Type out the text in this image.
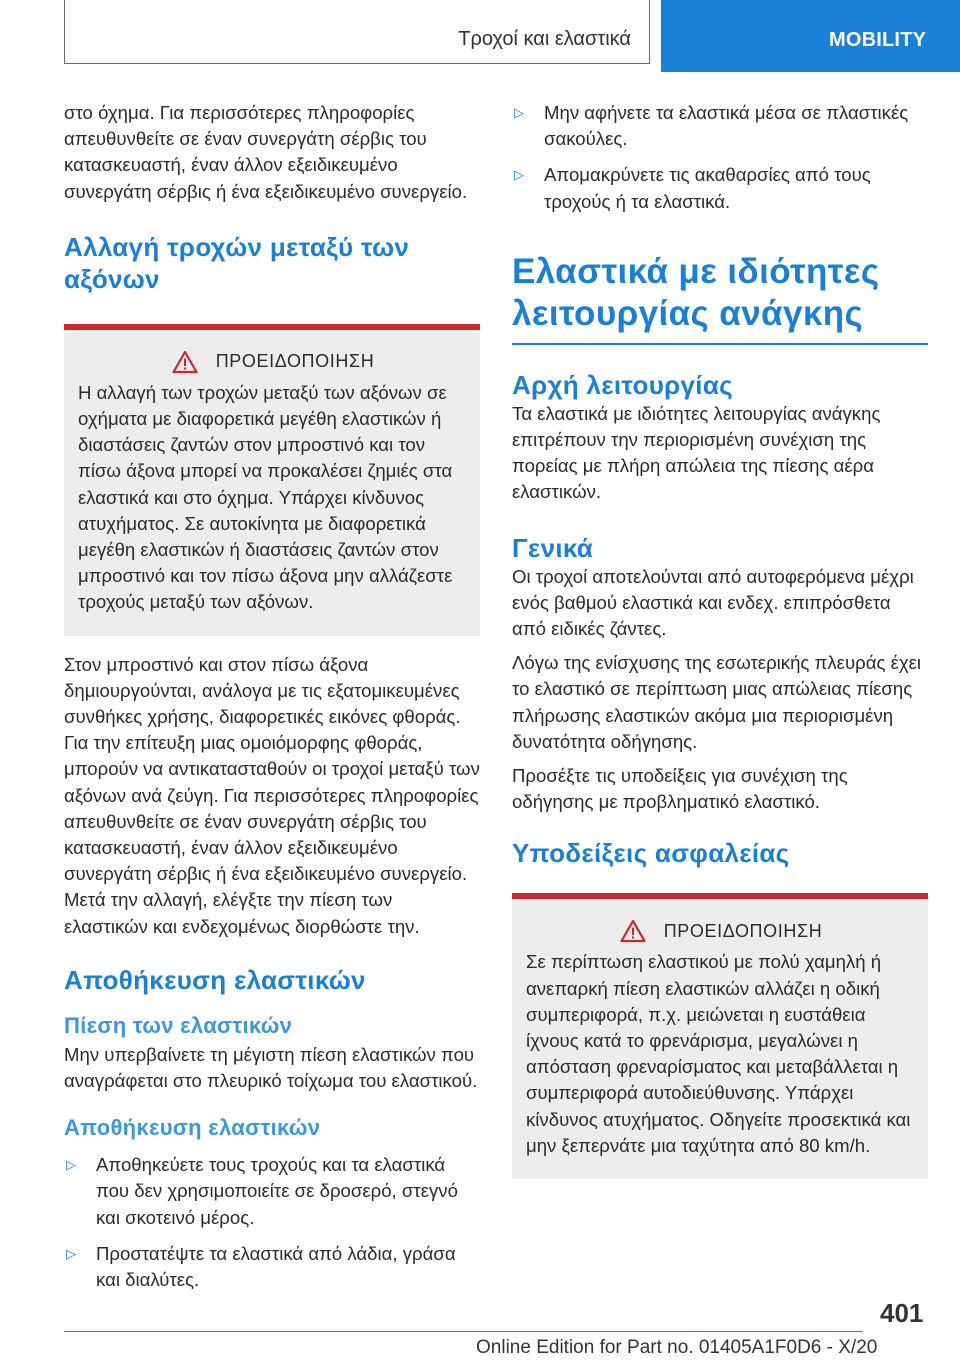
Τροχοί και ελαστικά	MOBILITY

στο όχημα. Για περισσότερες πληροφορίες απευθυνθείτε σε έναν συνεργάτη σέρβις του κατασκευαστή, έναν άλλον εξειδικευμένο συνεργάτη σέρβις ή ένα εξειδικευμένο συνεργείο.

Αλλαγή τροχών μεταξύ των αξόνων
ΠΡΟΕΙΔΟΠΟΙΗΣΗ

Η αλλαγή των τροχών μεταξύ των αξόνων σε οχήματα με διαφορετικά μεγέθη ελαστικών ή διαστάσεις ζαντών στον μπροστινό και τον πίσω άξονα μπορεί να προκαλέσει ζημιές στα ελαστικά και στο όχημα. Υπάρχει κίνδυνος ατυχήματος. Σε αυτοκίνητα με διαφορετικά μεγέθη ελαστικών ή διαστάσεις ζαντών στον μπροστινό και τον πίσω άξονα μην αλλάζεστε τροχούς μεταξύ των αξόνων.

Στον μπροστινό και στον πίσω άξονα δημιουργούνται, ανάλογα με τις εξατομικευμένες συνθήκες χρήσης, διαφορετικές εικόνες φθοράς. Για την επίτευξη μιας ομοιόμορφης φθοράς, μπορούν να αντικατασταθούν οι τροχοί μεταξύ των αξόνων ανά ζεύγη. Για περισσότερες πληροφορίες απευθυνθείτε σε έναν συνεργάτη σέρβις του κατασκευαστή, έναν άλλον εξειδικευμένο συνεργάτη σέρβις ή ένα εξειδικευμένο συνεργείο. Μετά την αλλαγή, ελέγξτε την πίεση των ελαστικών και ενδεχομένως διορθώστε την.

Αποθήκευση ελαστικών
Πίεση των ελαστικών

Μην υπερβαίνετε τη μέγιστη πίεση ελαστικών που αναγράφεται στο πλευρικό τοίχωμα του ελαστικού.

Αποθήκευση ελαστικών
▷	Αποθηκεύετε τους τροχούς και τα ελαστικά που δεν χρησιμοποιείτε σε δροσερό, στεγνό και σκοτεινό μέρος.
▷	Προστατέψτε τα ελαστικά από λάδια, γράσα και διαλύτες.
▷	Μην αφήνετε τα ελαστικά μέσα σε πλαστικές σακούλες.
▷	Απομακρύνετε τις ακαθαρσίες από τους τροχούς ή τα ελαστικά.
Ελαστικά με ιδιότητες λειτουργίας ανάγκης
Αρχή λειτουργίας

Τα ελαστικά με ιδιότητες λειτουργίας ανάγκης επιτρέπουν την περιορισμένη συνέχιση της πορείας με πλήρη απώλεια της πίεσης αέρα ελαστικών.

Γενικά

Οι τροχοί αποτελούνται από αυτοφερόμενα μέχρι ενός βαθμού ελαστικά και ενδεχ. επιπρόσθετα από ειδικές ζάντες.

Λόγω της ενίσχυσης της εσωτερικής πλευράς έχει το ελαστικό σε περίπτωση μιας απώλειας πίεσης πλήρωσης ελαστικών ακόμα μια περιορισμένη δυνατότητα οδήγησης.

Προσέξτε τις υποδείξεις για συνέχιση της οδήγησης με προβληματικό ελαστικό.

Υποδείξεις ασφαλείας
ΠΡΟΕΙΔΟΠΟΙΗΣΗ

Σε περίπτωση ελαστικού με πολύ χαμηλή ή ανεπαρκή πίεση ελαστικών αλλάζει η οδική συμπεριφορά, π.χ. μειώνεται η ευστάθεια ίχνους κατά το φρενάρισμα, μεγαλώνει η απόσταση φρεναρίσματος και μεταβάλλεται η συμπεριφορά αυτοδιεύθυνσης. Υπάρχει κίνδυνος ατυχήματος. Οδηγείτε προσεκτικά και μην ξεπερνάτε μια ταχύτητα από 80 km/h.

401
Online Edition for Part no. 01405A1F0D6 - X/20
